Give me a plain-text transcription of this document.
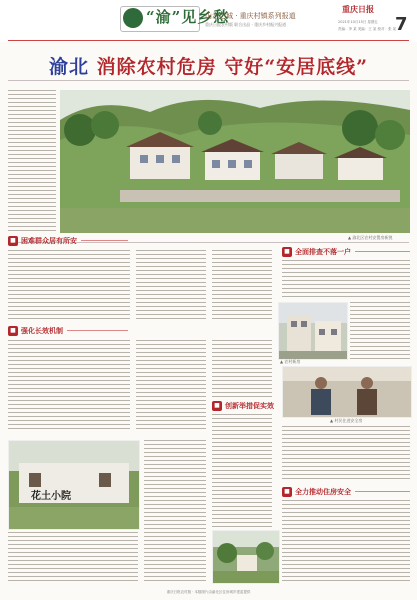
“渝”见乡愁
山水之城 · 重庆村镇系列报道
重庆日报农村版 联合出品 · 重庆乡村振兴报道
重庆日报
7
2021年10月15日 星期五
责编：李 某 美编：王 某 校对：张 某
渝北 消除农村危房 守好“安居底线”
▲ 渝北区农村安置房新貌
■ 困难群众居有所安
■ 强化长效机制
■ 创新举措促实效
花土小院
■ 全面排查不落一户
▲ 农村新房
▲ 村民住进安全房
■ 全力推动住房安全
重庆日报农村版 · 本版图片由渝北区住房城乡建委提供
